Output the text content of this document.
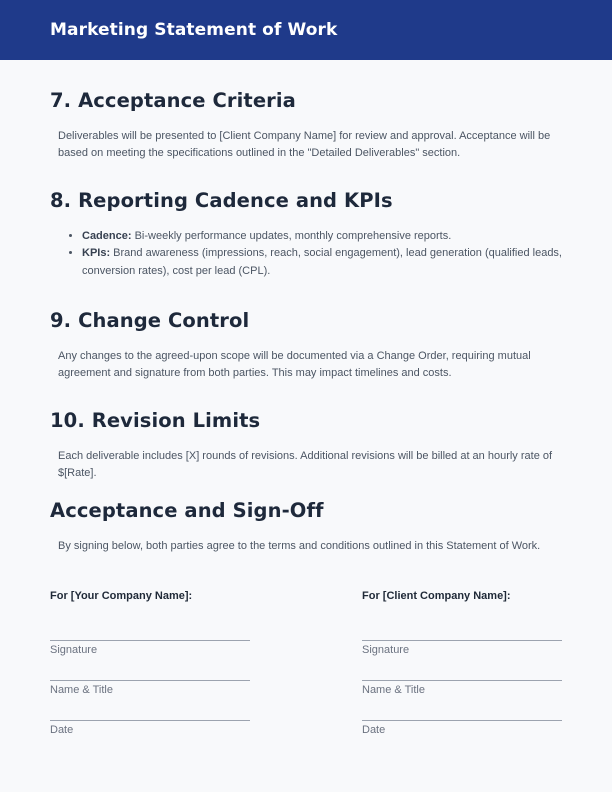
Marketing Statement of Work
7. Acceptance Criteria

Deliverables will be presented to [Client Company Name] for review and approval. Acceptance will be based on meeting the specifications outlined in the "Detailed Deliverables" section.

8. Reporting Cadence and KPIs
• Cadence: Bi-weekly performance updates, monthly comprehensive reports.
• KPIs: Brand awareness (impressions, reach, social engagement), lead generation (qualified leads, conversion rates), cost per lead (CPL).
9. Change Control

Any changes to the agreed-upon scope will be documented via a Change Order, requiring mutual agreement and signature from both parties. This may impact timelines and costs.

10. Revision Limits

Each deliverable includes [X] rounds of revisions. Additional revisions will be billed at an hourly rate of $[Rate].

Acceptance and Sign-Off

By signing below, both parties agree to the terms and conditions outlined in this Statement of Work.

For [Your Company Name]:
Signature
Name & Title
Date
For [Client Company Name]:
Signature
Name & Title
Date
